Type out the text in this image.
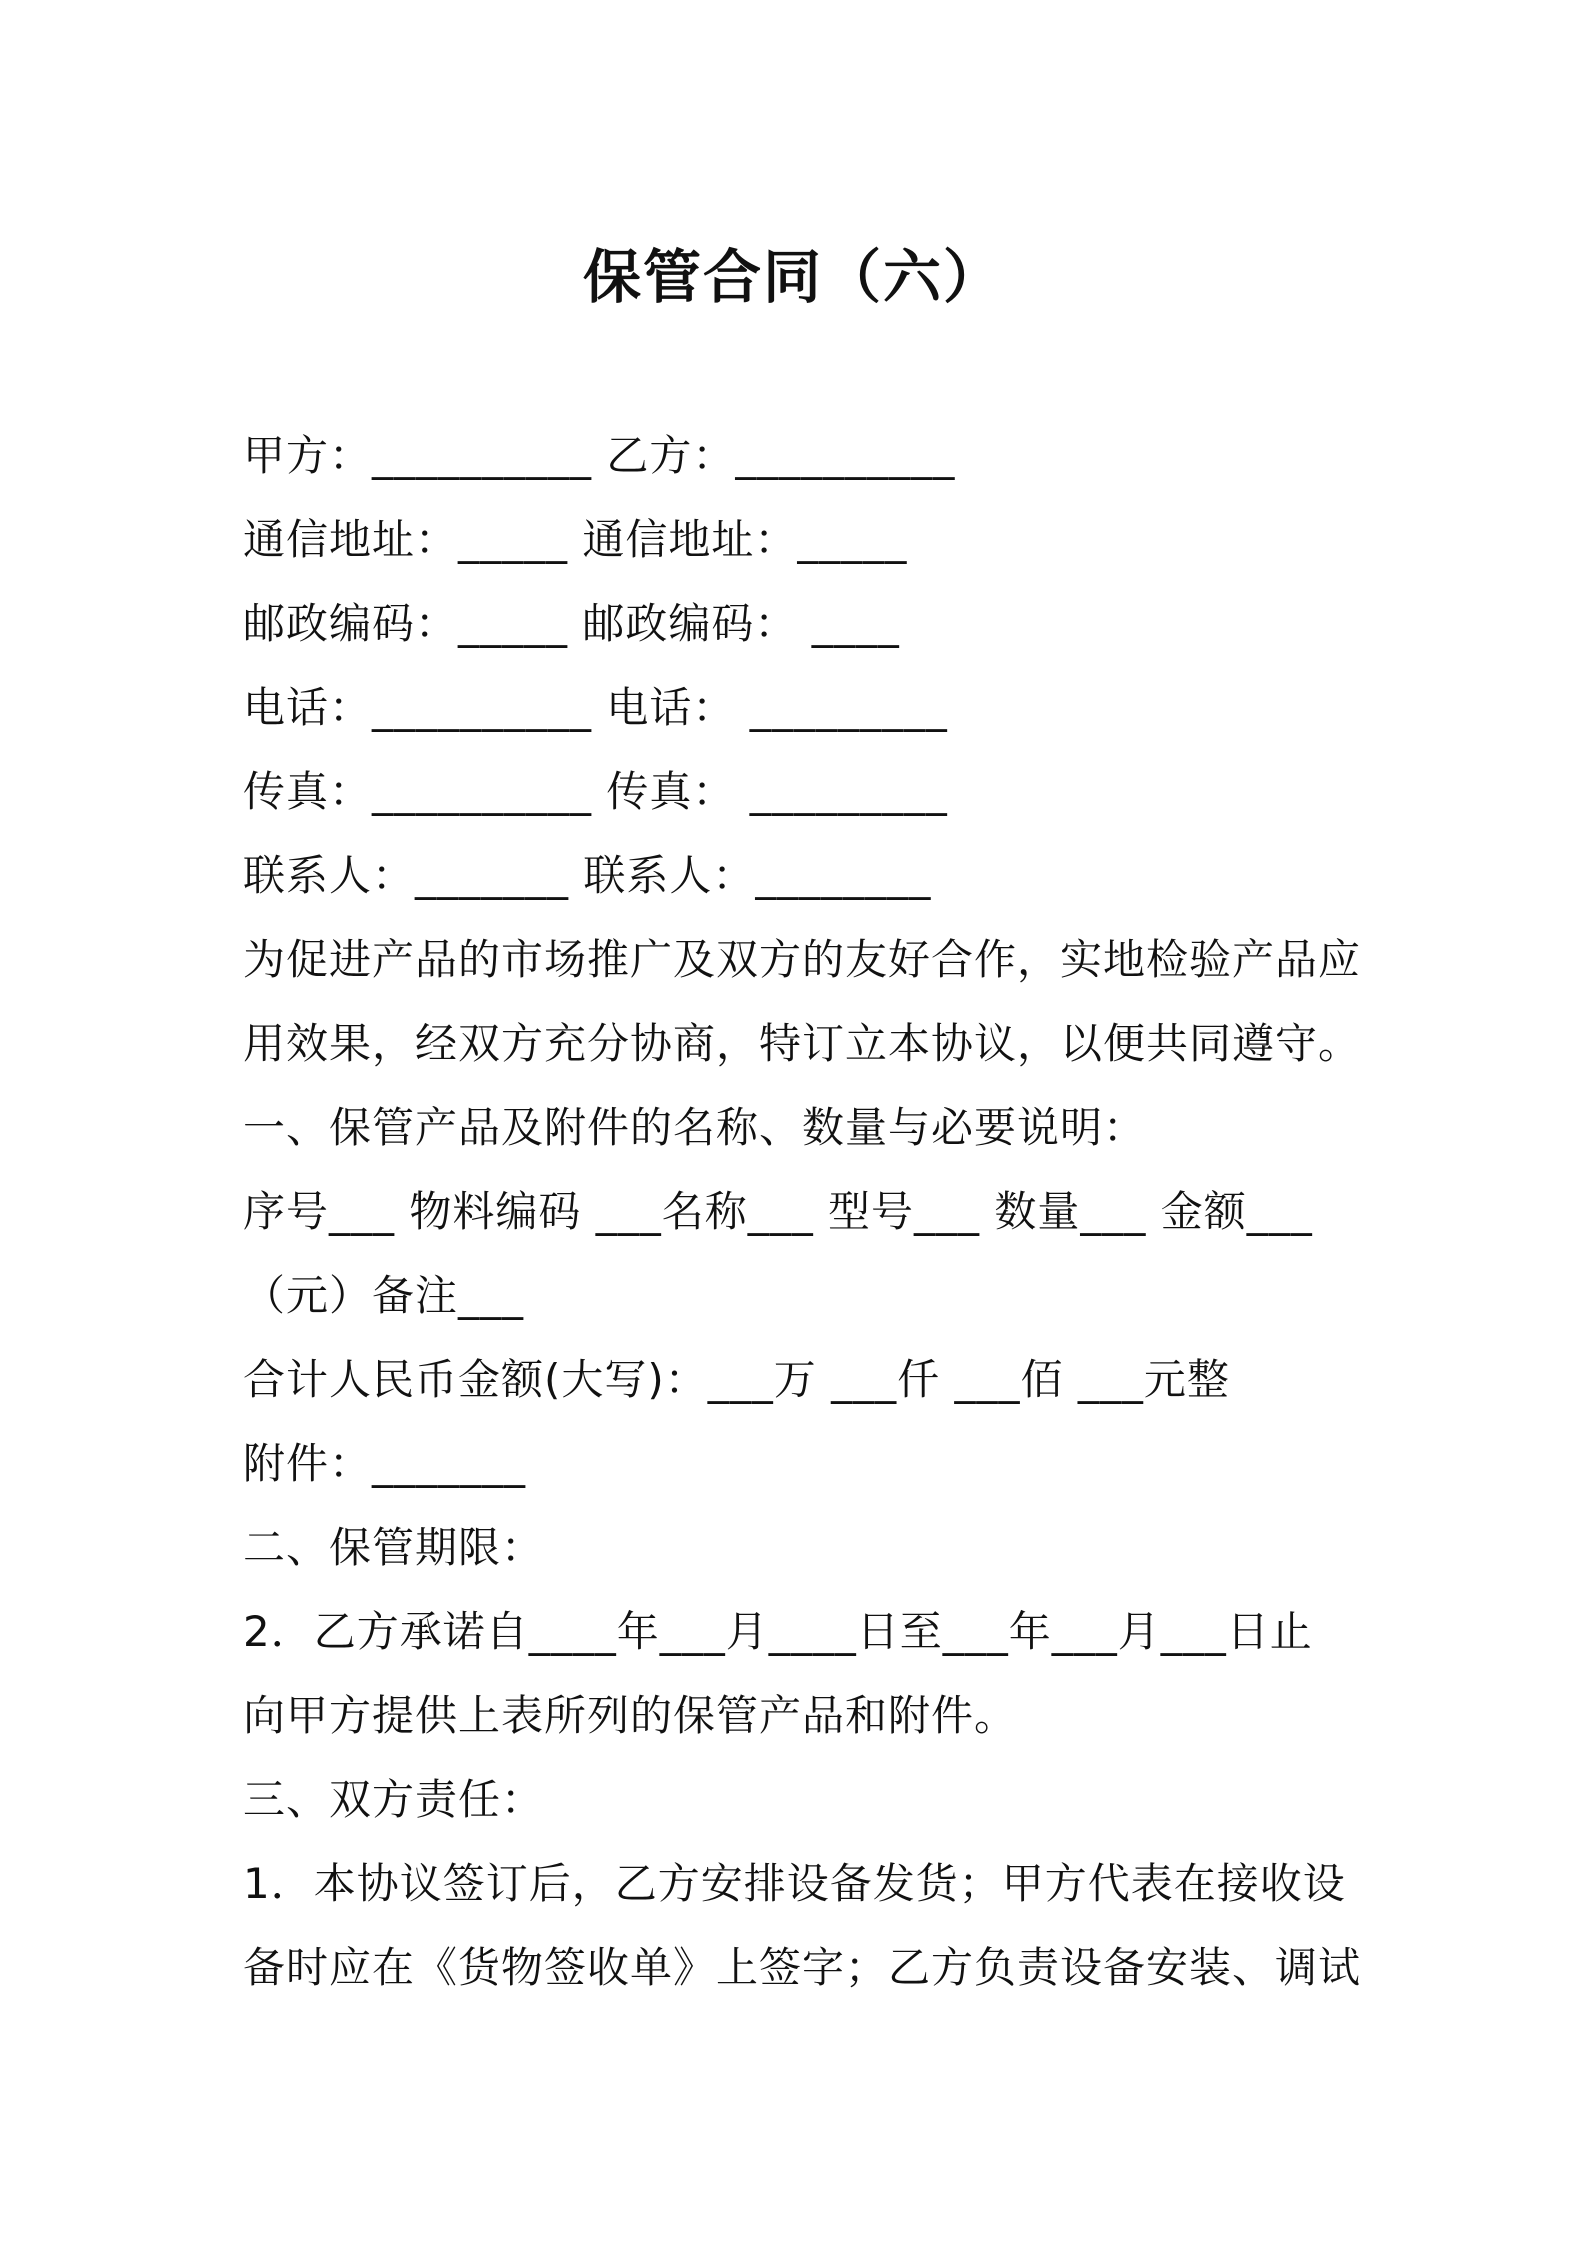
保管合同（六）
甲方：__________ 乙方：__________
通信地址：_____ 通信地址：_____
邮政编码：_____ 邮政编码： ____
电话：__________ 电话： _________
传真：__________ 传真： _________
联系人：_______ 联系人：________
为促进产品的市场推广及双方的友好合作，实地检验产品应
用效果，经双方充分协商，特订立本协议，以便共同遵守。
一、保管产品及附件的名称、数量与必要说明：
序号___ 物料编码 ___名称___ 型号___ 数量___ 金额___
（元）备注___
合计人民币金额(大写)：___万 ___仟 ___佰 ___元整
附件：_______
二、保管期限：
2．乙方承诺自____年___月____日至___年___月___日止
向甲方提供上表所列的保管产品和附件。
三、双方责任：
1．本协议签订后，乙方安排设备发货；甲方代表在接收设
备时应在《货物签收单》上签字；乙方负责设备安装、调试
